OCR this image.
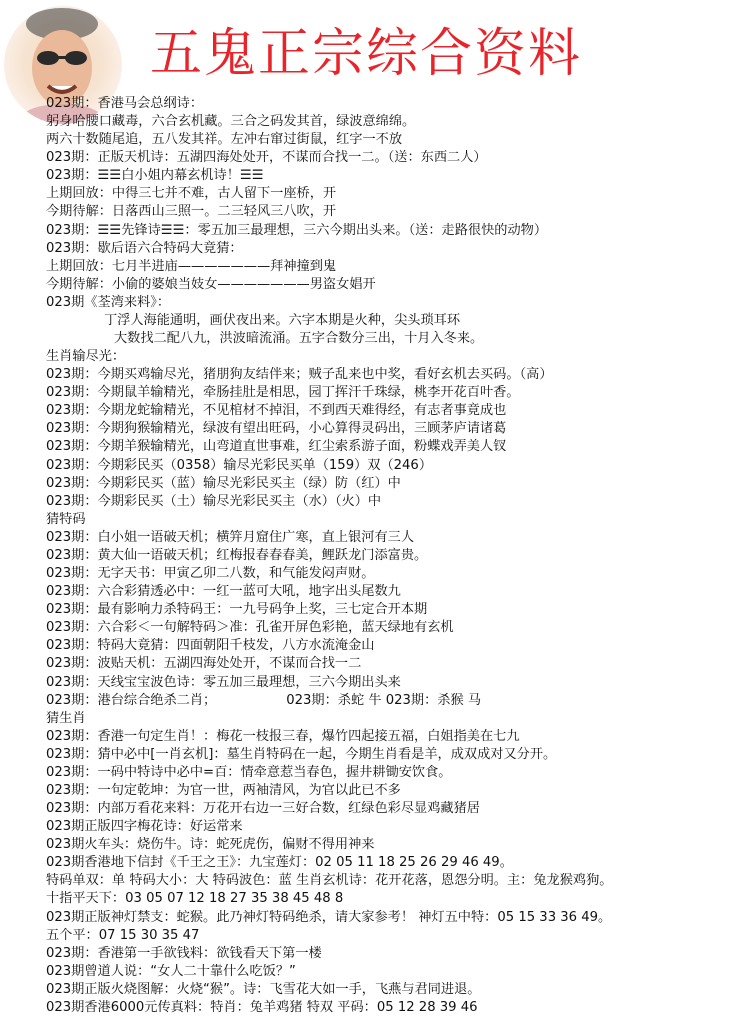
五鬼正宗综合资料
023期：香港马会总纲诗：
躬身哈腰口藏毒，六合玄机藏。三合之码发其首，绿波意绵绵。
两六十数随尾追，五八发其祥。左冲右窜过街鼠，红字一不放
023期：正版天机诗：五湖四海处处开，不谋而合找一二。（送：东西二人）
023期：☰☰白小姐内幕玄机诗！☰☰
上期回放：中得三七并不难，古人留下一座桥，开
今期待解：日落西山三照一。二三轻风三八吹，开
023期：☰☰先锋诗☰☰：零五加三最理想，三六今期出头来。（送：走路很快的动物）
023期：歇后语六合特码大竟猜：
上期回放：七月半进庙———————拜神撞到鬼
今期待解：小偷的婆娘当妓女———————男盗女娼开
023期《荃湾来料》：
丁浮人海能通明，画伏夜出来。六字本期是火种，尖头琐耳环
大数找二配八九，洪波暗流涌。五字合数分三出，十月入冬来。
生肖输尽光：
023期：今期买鸡输尽光，猪朋狗友结伴来；贼子乱来也中奖，看好玄机去买码。（高）
023期：今期鼠羊输精光，牵肠挂肚是相思，园丁挥汗千珠绿，桃李开花百叶香。
023期：今期龙蛇输精光，不见棺材不掉泪，不到西天难得经，有志者事竟成也
023期：今期狗猴输精光，绿波有望出旺码，小心算得灵码出，三顾茅庐请诸葛
023期：今期羊猴输精光，山弯道直世事难，红尘索系游子面，粉蝶戏弄美人钗
023期：今期彩民买（0358）输尽光彩民买单（159）双（246）
023期：今期彩民买（蓝）输尽光彩民买主（绿）防（红）中
023期：今期彩民买（土）输尽光彩民买主（水）（火）中
猜特码
023期：白小姐一语破天机；横笄月窟住广寒，直上银河有三人
023期：黄大仙一语破天机；红梅报春春春美，鲤跃龙门添富贵。
023期：无字天书：甲寅乙卯二八数，和气能发闷声财。
023期：六合彩猜透必中：一红一蓝可大吼，地字出头尾数九
023期：最有影响力杀特码王：一九号码争上奖，三七定合开本期
023期：六合彩＜一句解特码＞准：孔雀开屏色彩艳，蓝天绿地有玄机
023期：特码大竟猜：四面朝阳千枝发，八方水流淹金山
023期：波贴天机：五湖四海处处开，不谋而合找一二
023期：天线宝宝波色诗：零五加三最理想，三六今期出头来
023期：港台综合绝杀二肖；	023期：杀蛇 牛 023期：杀猴 马
猜生肖
023期：香港一句定生肖！：梅花一枝报三春，爆竹四起接五福，白姐指美在七九
023期：猜中必中[一肖玄机]：墓生肖特码在一起，今期生肖看是羊，成双成对又分开。
023期：一码中特诗中必中=百：情牵意惹当春色，握井耕锄安饮食。
023期：一句定乾坤：为官一世，两袖清风，为官以此已不多
023期：内部万看花来料：万花开右边一三好合数，红绿色彩尽显鸡藏猪居
023期正版四字梅花诗：好运常来
023期火车头：烧伤牛。诗：蛇死虎伤，偏财不得用神来
023期香港地下信封《千王之王》：九宝莲灯：02 05 11 18 25 26 29 46 49。
特码单双：单 特码大小：大 特码波色：蓝 生肖玄机诗：花开花落，恩怨分明。主：兔龙猴鸡狗。
十指平天下：03 05 07 12 18 27 35 38 45 48 8
023期正版神灯禁支：蛇猴。此乃神灯特码绝杀，请大家参考！ 神灯五中特：05 15 33 36 49。
五个平：07 15 30 35 47
023期：香港第一手欲钱料：欲钱看天下第一楼
023期曾道人说：“女人二十靠什么吃饭？”
023期正版火烧图解：火烧“猴”。诗：飞雪花大如一手，飞燕与君同进退。
023期香港6000元传真料：特肖：兔羊鸡猪 特双 平码：05 12 28 39 46
